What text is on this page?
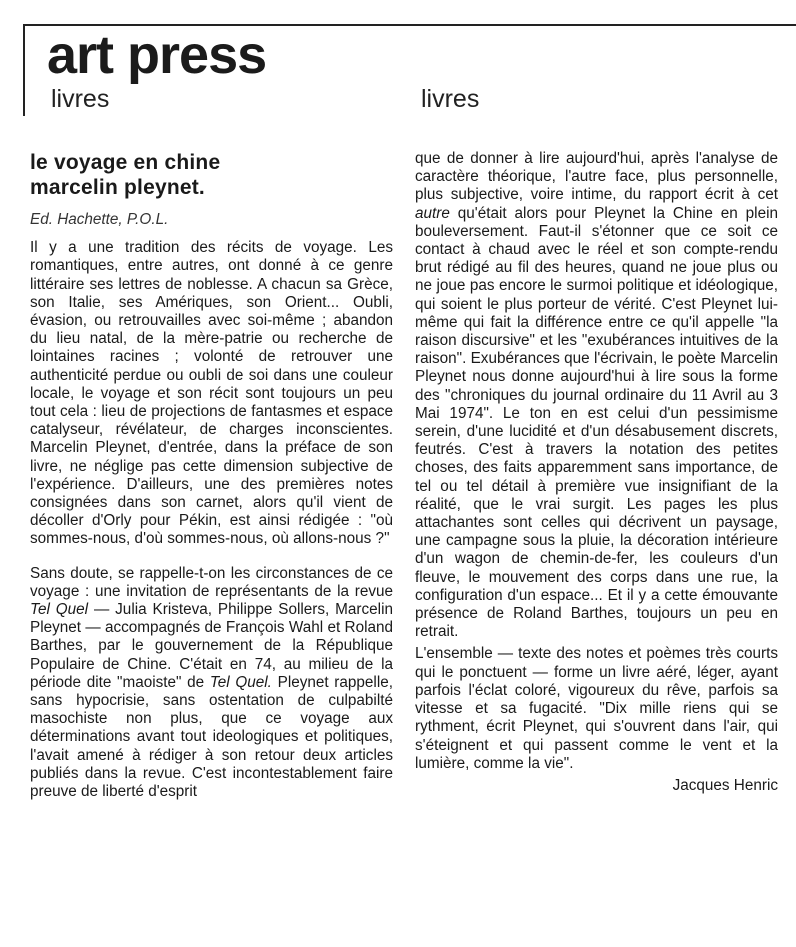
art press
livres	livres
le voyage en chine
marcelin pleynet.

Ed. Hachette, P.O.L.

Il y a une tradition des récits de voyage. Les romantiques, entre autres, ont donné à ce genre littéraire ses lettres de noblesse. A chacun sa Grèce, son Italie, ses Amériques, son Orient... Oubli, évasion, ou retrouvailles avec soi-même ; abandon du lieu natal, de la mère-patrie ou recherche de lointaines racines ; volonté de retrouver une authenticité perdue ou oubli de soi dans une couleur locale, le voyage et son récit sont toujours un peu tout cela : lieu de projections de fantasmes et espace catalyseur, révélateur, de charges inconscientes. Marcelin Pleynet, d'entrée, dans la préface de son livre, ne néglige pas cette dimension subjective de l'expérience. D'ailleurs, une des premières notes consignées dans son carnet, alors qu'il vient de décoller d'Orly pour Pékin, est ainsi rédigée : "où sommes-nous, d'où sommes-nous, où allons-nous ?"

Sans doute, se rappelle-t-on les circonstances de ce voyage : une invitation de représentants de la revue Tel Quel — Julia Kristeva, Philippe Sollers, Marcelin Pleynet — accompagnés de François Wahl et Roland Barthes, par le gouvernement de la République Populaire de Chine. C'était en 74, au milieu de la période dite "maoiste" de Tel Quel. Pleynet rappelle, sans hypocrisie, sans ostentation de culpabilté masochiste non plus, que ce voyage aux déterminations avant tout ideologiques et politiques, l'avait amené à rédiger à son retour deux articles publiés dans la revue. C'est incontestablement faire preuve de liberté d'esprit

que de donner à lire aujourd'hui, après l'analyse de caractère théorique, l'autre face, plus personnelle, plus subjective, voire intime, du rapport écrit à cet autre qu'était alors pour Pleynet la Chine en plein bouleversement. Faut-il s'étonner que ce soit ce contact à chaud avec le réel et son compte-rendu brut rédigé au fil des heures, quand ne joue plus ou ne joue pas encore le surmoi politique et idéologique, qui soient le plus porteur de vérité. C'est Pleynet lui-même qui fait la différence entre ce qu'il appelle "la raison discursive" et les "exubérances intuitives de la raison". Exubérances que l'écrivain, le poète Marcelin Pleynet nous donne aujourd'hui à lire sous la forme des "chroniques du journal ordinaire du 11 Avril au 3 Mai 1974". Le ton en est celui d'un pessimisme serein, d'une lucidité et d'un désabusement discrets, feutrés. C'est à travers la notation des petites choses, des faits apparemment sans importance, de tel ou tel détail à première vue insignifiant de la réalité, que le vrai surgit. Les pages les plus attachantes sont celles qui décrivent un paysage, une campagne sous la pluie, la décoration intérieure d'un wagon de chemin-de-fer, les couleurs d'un fleuve, le mouvement des corps dans une rue, la configuration d'un espace... Et il y a cette émouvante présence de Roland Barthes, toujours un peu en retrait.

L'ensemble — texte des notes et poèmes très courts qui le ponctuent — forme un livre aéré, léger, ayant parfois l'éclat coloré, vigoureux du rêve, parfois sa vitesse et sa fugacité. "Dix mille riens qui se rythment, écrit Pleynet, qui s'ouvrent dans l'air, qui s'éteignent et qui passent comme le vent et la lumière, comme la vie".

Jacques Henric
